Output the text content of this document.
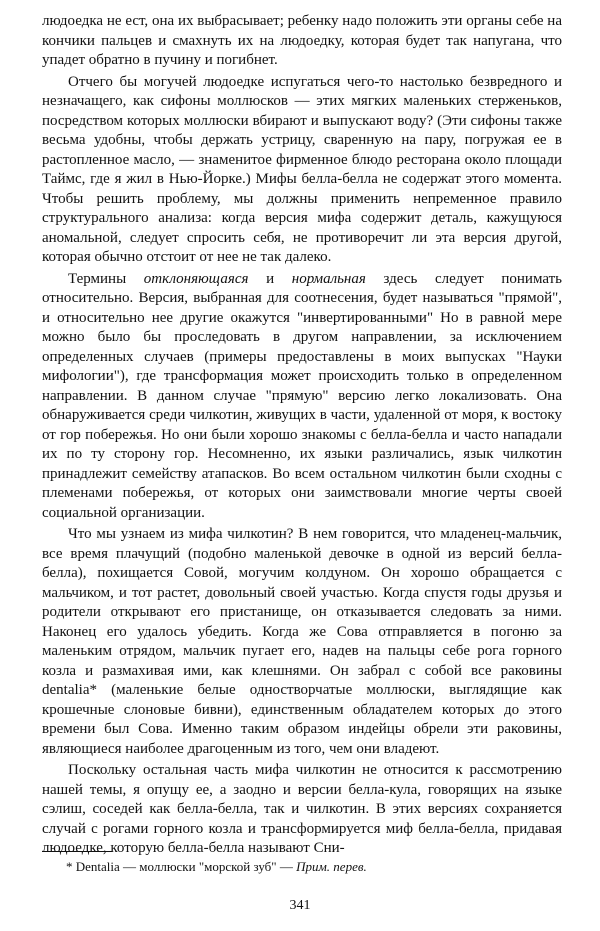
людоедка не ест, она их выбрасывает; ребенку надо положить эти органы себе на кончики пальцев и смахнуть их на людоедку, которая будет так напугана, что упадет обратно в пучину и погибнет.

Отчего бы могучей людоедке испугаться чего-то настолько безвредного и незначащего, как сифоны моллюсков — этих мягких маленьких стерженьков, посредством которых моллюски вбирают и выпускают воду? (Эти сифоны также весьма удобны, чтобы держать устрицу, сваренную на пару, погружая ее в растопленное масло, — знаменитое фирменное блюдо ресторана около площади Таймс, где я жил в Нью-Йорке.) Мифы белла-белла не содержат этого момента. Чтобы решить проблему, мы должны применить непременное правило структурального анализа: когда версия мифа содержит деталь, кажущуюся аномальной, следует спросить себя, не противоречит ли эта версия другой, которая обычно отстоит от нее не так далеко.

Термины отклоняющаяся и нормальная здесь следует понимать относительно. Версия, выбранная для соотнесения, будет называться "прямой", и относительно нее другие окажутся "инвертированными" Но в равной мере можно было бы проследовать в другом направлении, за исключением определенных случаев (примеры предоставлены в моих выпусках "Науки мифологии"), где трансформация может происходить только в определенном направлении. В данном случае "прямую" версию легко локализовать. Она обнаруживается среди чилкотин, живущих в части, удаленной от моря, к востоку от гор побережья. Но они были хорошо знакомы с белла-белла и часто нападали их по ту сторону гор. Несомненно, их языки различались, язык чилкотин принадлежит семейству атапасков. Во всем остальном чилкотин были сходны с племенами побережья, от которых они заимствовали многие черты своей социальной организации.

Что мы узнаем из мифа чилкотин? В нем говорится, что младенец-мальчик, все время плачущий (подобно маленькой девочке в одной из версий белла-белла), похищается Совой, могучим колдуном. Он хорошо обращается с мальчиком, и тот растет, довольный своей участью. Когда спустя годы друзья и родители открывают его пристанище, он отказывается следовать за ними. Наконец его удалось убедить. Когда же Сова отправляется в погоню за маленьким отрядом, мальчик пугает его, надев на пальцы себе рога горного козла и размахивая ими, как клешнями. Он забрал с собой все раковины dentalia* (маленькие белые одностворчатые моллюски, выглядящие как крошечные слоновые бивни), единственным обладателем которых до этого времени был Сова. Именно таким образом индейцы обрели эти раковины, являющиеся наиболее драгоценным из того, чем они владеют.

Поскольку остальная часть мифа чилкотин не относится к рассмотрению нашей темы, я опущу ее, а заодно и версии белла-кула, говорящих на языке сэлиш, соседей как белла-белла, так и чилкотин. В этих версиях сохраняется случай с рогами горного козла и трансформируется миф белла-белла, придавая людоедке, которую белла-белла называют Сни-

* Dentalia — моллюски "морской зуб" — Прим. перев.
341
